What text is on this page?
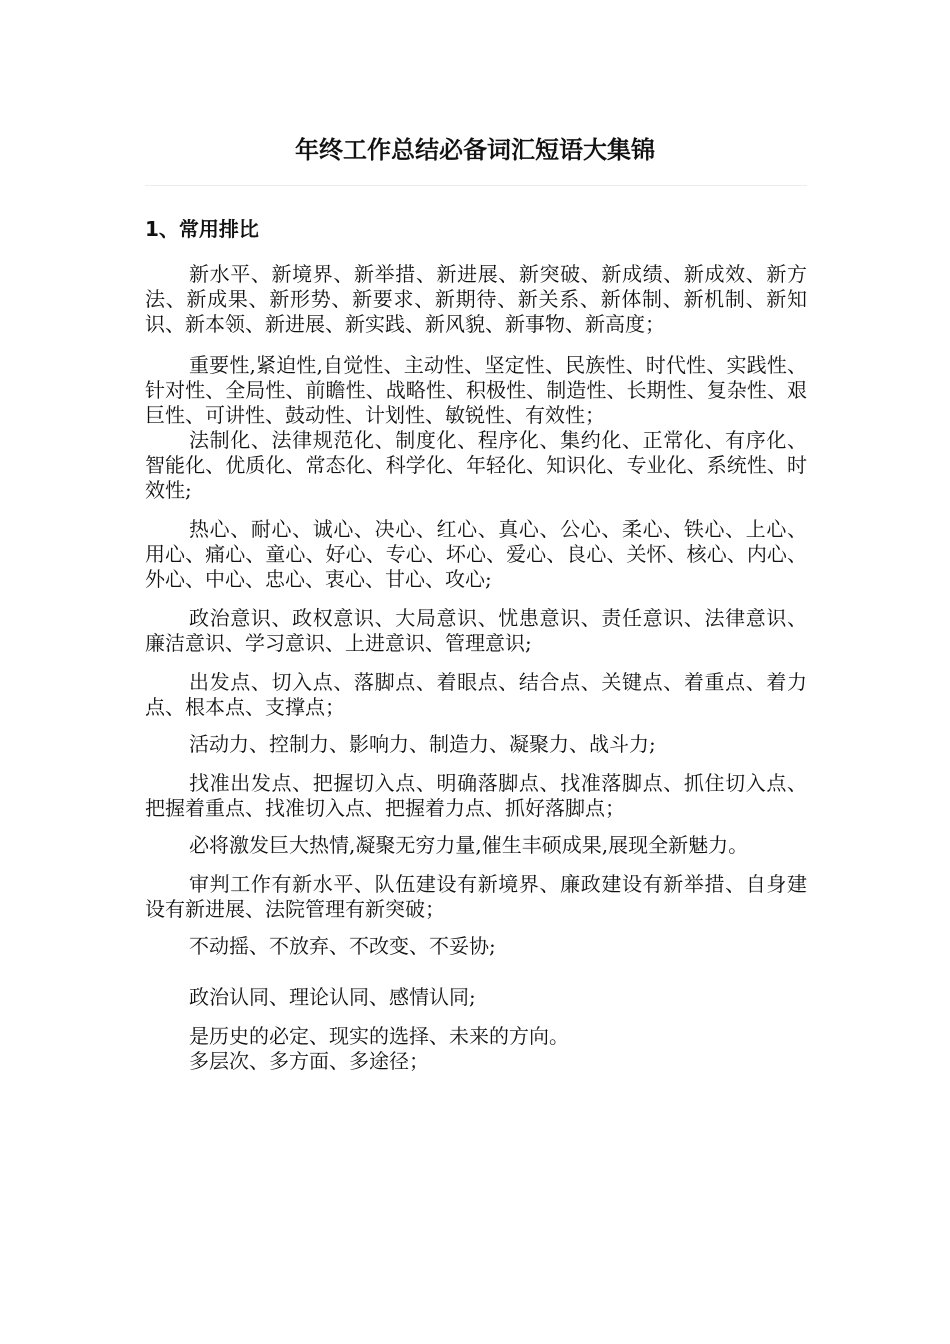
年终工作总结必备词汇短语大集锦
1、常用排比

新水平、新境界、新举措、新进展、新突破、新成绩、新成效、新方法、新成果、新形势、新要求、新期待、新关系、新体制、新机制、新知识、新本领、新进展、新实践、新风貌、新事物、新高度；

重要性,紧迫性,自觉性、主动性、坚定性、民族性、时代性、实践性、针对性、全局性、前瞻性、战略性、积极性、制造性、长期性、复杂性、艰巨性、可讲性、鼓动性、计划性、敏锐性、有效性；

法制化、法律规范化、制度化、程序化、集约化、正常化、有序化、智能化、优质化、常态化、科学化、年轻化、知识化、专业化、系统性、时效性;

热心、耐心、诚心、决心、红心、真心、公心、柔心、铁心、上心、用心、痛心、童心、好心、专心、坏心、爱心、良心、关怀、核心、内心、外心、中心、忠心、衷心、甘心、攻心;

政治意识、政权意识、大局意识、忧患意识、责任意识、法律意识、廉洁意识、学习意识、上进意识、管理意识;

出发点、切入点、落脚点、着眼点、结合点、关键点、着重点、着力点、根本点、支撑点；

活动力、控制力、影响力、制造力、凝聚力、战斗力;

找准出发点、把握切入点、明确落脚点、找准落脚点、抓住切入点、把握着重点、找准切入点、把握着力点、抓好落脚点；

必将激发巨大热情,凝聚无穷力量,催生丰硕成果,展现全新魅力。

审判工作有新水平、队伍建设有新境界、廉政建设有新举措、自身建设有新进展、法院管理有新突破；

不动摇、不放弃、不改变、不妥协;

政治认同、理论认同、感情认同;

是历史的必定、现实的选择、未来的方向。

多层次、多方面、多途径；
